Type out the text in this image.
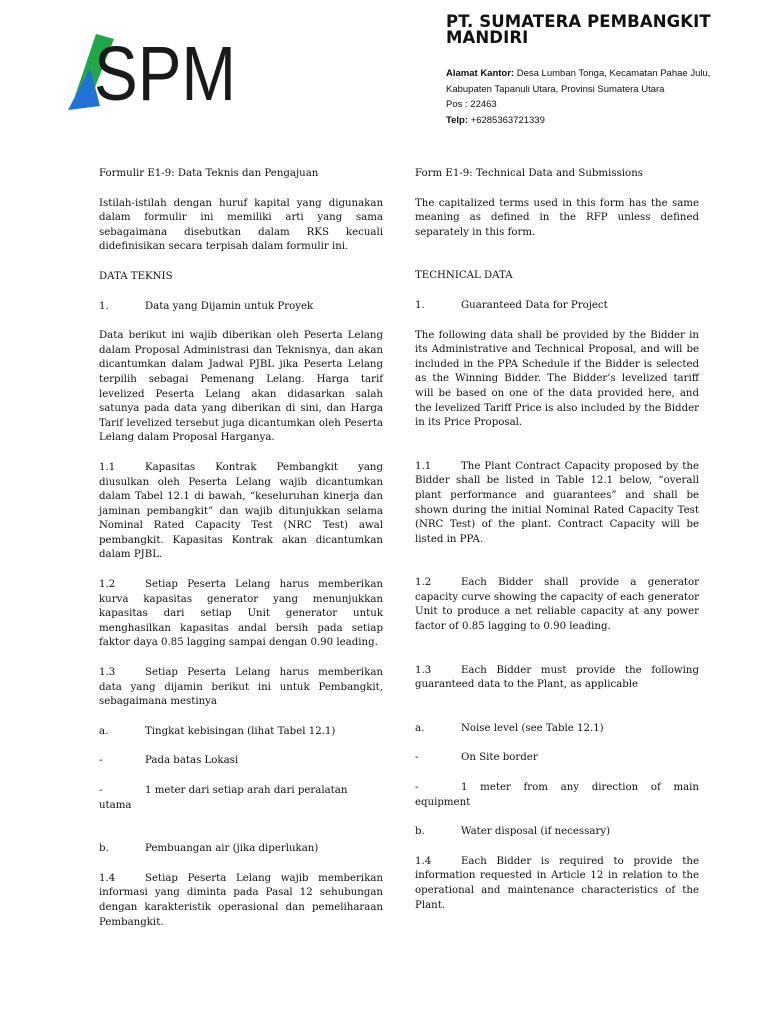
SPM
PT. SUMATERA PEMBANGKIT MANDIRI
Alamat Kantor: Desa Lumban Tonga, Kecamatan Pahae Julu,
Kabupaten Tapanuli Utara, Provinsi Sumatera Utara
Pos : 22463
Telp: +6285363721339

Formulir E1-9: Data Teknis dan Pengajuan

Istilah-istilah dengan huruf kapital yang digunakan dalam formulir ini memiliki arti yang sama sebagaimana disebutkan dalam RKS kecuali didefinisikan secara terpisah dalam formulir ini.

DATA TEKNIS

1.	Data yang Dijamin untuk Proyek

Data berikut ini wajib diberikan oleh Peserta Lelang dalam Proposal Administrasi dan Teknisnya, dan akan dicantumkan dalam Jadwal PJBL jika Peserta Lelang terpilih sebagai Pemenang Lelang. Harga tarif levelized Peserta Lelang akan didasarkan salah satunya pada data yang diberikan di sini, dan Harga Tarif levelized tersebut juga dicantumkan oleh Peserta Lelang dalam Proposal Harganya.

1.1	Kapasitas Kontrak Pembangkit yang diusulkan oleh Peserta Lelang wajib dicantumkan dalam Tabel 12.1 di bawah, “keseluruhan kinerja dan jaminan pembangkit” dan wajib ditunjukkan selama Nominal Rated Capacity Test (NRC Test) awal pembangkit. Kapasitas Kontrak akan dicantumkan dalam PJBL.

1.2	Setiap Peserta Lelang harus memberikan kurva kapasitas generator yang menunjukkan kapasitas dari setiap Unit generator untuk menghasilkan kapasitas andal bersih pada setiap faktor daya 0.85 lagging sampai dengan 0.90 leading.

1.3	Setiap Peserta Lelang harus memberikan data yang dijamin berikut ini untuk Pembangkit, sebagaimana mestinya

a.	Tingkat kebisingan (lihat Tabel 12.1)

-	Pada batas Lokasi

-	1 meter dari setiap arah dari peralatan utama

b.	Pembuangan air (jika diperlukan)

1.4	Setiap Peserta Lelang wajib memberikan informasi yang diminta pada Pasal 12 sehubungan dengan karakteristik operasional dan pemeliharaan Pembangkit.

Form E1-9: Technical Data and Submissions

The capitalized terms used in this form has the same meaning as defined in the RFP unless defined separately in this form.

TECHNICAL DATA

1.	Guaranteed Data for Project

The following data shall be provided by the Bidder in its Administrative and Technical Proposal, and will be included in the PPA Schedule if the Bidder is selected as the Winning Bidder. The Bidder’s levelized tariff will be based on one of the data provided here, and the levelized Tariff Price is also included by the Bidder in its Price Proposal.

1.1	The Plant Contract Capacity proposed by the Bidder shall be listed in Table 12.1 below, “overall plant performance and guarantees” and shall be shown during the initial Nominal Rated Capacity Test (NRC Test) of the plant. Contract Capacity will be listed in PPA.

1.2	Each Bidder shall provide a generator capacity curve showing the capacity of each generator Unit to produce a net reliable capacity at any power factor of 0.85 lagging to 0.90 leading.

1.3	Each Bidder must provide the following guaranteed data to the Plant, as applicable

a.	Noise level (see Table 12.1)

-	On Site border

-	1 meter from any direction of main equipment

b.	Water disposal (if necessary)

1.4	Each Bidder is required to provide the information requested in Article 12 in relation to the operational and maintenance characteristics of the Plant.
